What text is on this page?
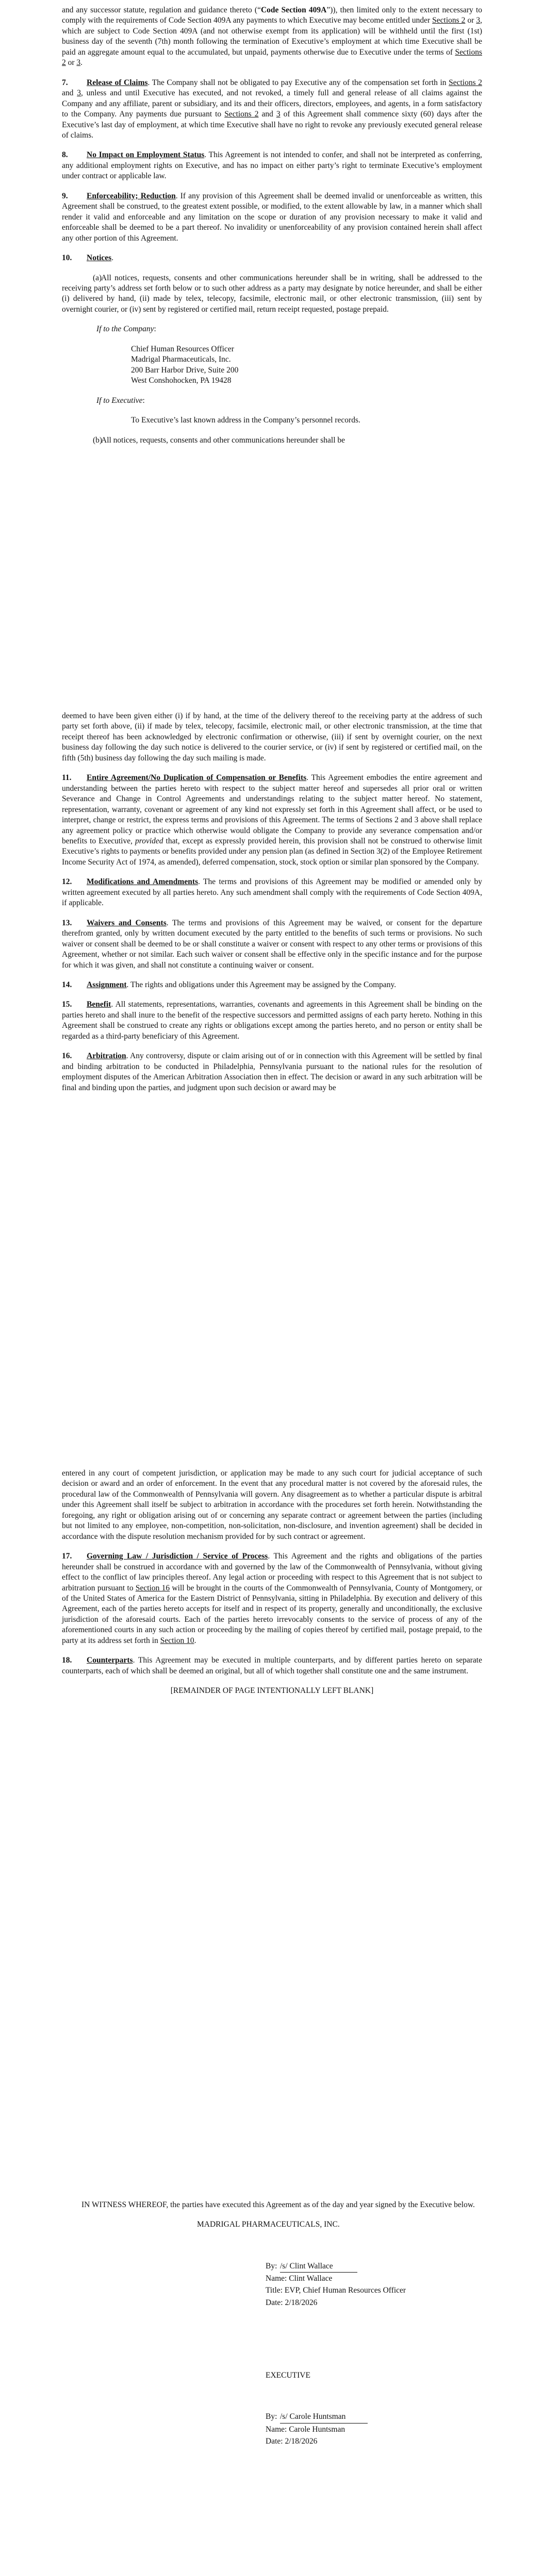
and any successor statute, regulation and guidance thereto (“Code Section 409A”)), then limited only to the extent necessary to comply with the requirements of Code Section 409A any payments to which Executive may become entitled under Sections 2 or 3, which are subject to Code Section 409A (and not otherwise exempt from its application) will be withheld until the first (1st) business day of the seventh (7th) month following the termination of Executive’s employment at which time Executive shall be paid an aggregate amount equal to the accumulated, but unpaid, payments otherwise due to Executive under the terms of Sections 2 or 3.

7. Release of Claims. The Company shall not be obligated to pay Executive any of the compensation set forth in Sections 2 and 3, unless and until Executive has executed, and not revoked, a timely full and general release of all claims against the Company and any affiliate, parent or subsidiary, and its and their officers, directors, employees, and agents, in a form satisfactory to the Company. Any payments due pursuant to Sections 2 and 3 of this Agreement shall commence sixty (60) days after the Executive’s last day of employment, at which time Executive shall have no right to revoke any previously executed general release of claims.

8. No Impact on Employment Status. This Agreement is not intended to confer, and shall not be interpreted as conferring, any additional employment rights on Executive, and has no impact on either party’s right to terminate Executive’s employment under contract or applicable law.

9. Enforceability; Reduction. If any provision of this Agreement shall be deemed invalid or unenforceable as written, this Agreement shall be construed, to the greatest extent possible, or modified, to the extent allowable by law, in a manner which shall render it valid and enforceable and any limitation on the scope or duration of any provision necessary to make it valid and enforceable shall be deemed to be a part thereof. No invalidity or unenforceability of any provision contained herein shall affect any other portion of this Agreement.

10. Notices.

(a)All notices, requests, consents and other communications hereunder shall be in writing, shall be addressed to the receiving party’s address set forth below or to such other address as a party may designate by notice hereunder, and shall be either (i) delivered by hand, (ii) made by telex, telecopy, facsimile, electronic mail, or other electronic transmission, (iii) sent by overnight courier, or (iv) sent by registered or certified mail, return receipt requested, postage prepaid.

If to the Company:

Chief Human Resources Officer
Madrigal Pharmaceuticals, Inc.
200 Barr Harbor Drive, Suite 200
West Conshohocken, PA 19428

If to Executive:

To Executive’s last known address in the Company’s personnel records.

(b)All notices, requests, consents and other communications hereunder shall be

deemed to have been given either (i) if by hand, at the time of the delivery thereof to the receiving party at the address of such party set forth above, (ii) if made by telex, telecopy, facsimile, electronic mail, or other electronic transmission, at the time that receipt thereof has been acknowledged by electronic confirmation or otherwise, (iii) if sent by overnight courier, on the next business day following the day such notice is delivered to the courier service, or (iv) if sent by registered or certified mail, on the fifth (5th) business day following the day such mailing is made.

11. Entire Agreement/No Duplication of Compensation or Benefits. This Agreement embodies the entire agreement and understanding between the parties hereto with respect to the subject matter hereof and supersedes all prior oral or written Severance and Change in Control Agreements and understandings relating to the subject matter hereof. No statement, representation, warranty, covenant or agreement of any kind not expressly set forth in this Agreement shall affect, or be used to interpret, change or restrict, the express terms and provisions of this Agreement. The terms of Sections 2 and 3 above shall replace any agreement policy or practice which otherwise would obligate the Company to provide any severance compensation and/or benefits to Executive, provided that, except as expressly provided herein, this provision shall not be construed to otherwise limit Executive’s rights to payments or benefits provided under any pension plan (as defined in Section 3(2) of the Employee Retirement Income Security Act of 1974, as amended), deferred compensation, stock, stock option or similar plan sponsored by the Company.

12. Modifications and Amendments. The terms and provisions of this Agreement may be modified or amended only by written agreement executed by all parties hereto. Any such amendment shall comply with the requirements of Code Section 409A, if applicable.

13. Waivers and Consents. The terms and provisions of this Agreement may be waived, or consent for the departure therefrom granted, only by written document executed by the party entitled to the benefits of such terms or provisions. No such waiver or consent shall be deemed to be or shall constitute a waiver or consent with respect to any other terms or provisions of this Agreement, whether or not similar. Each such waiver or consent shall be effective only in the specific instance and for the purpose for which it was given, and shall not constitute a continuing waiver or consent.

14. Assignment. The rights and obligations under this Agreement may be assigned by the Company.

15. Benefit. All statements, representations, warranties, covenants and agreements in this Agreement shall be binding on the parties hereto and shall inure to the benefit of the respective successors and permitted assigns of each party hereto. Nothing in this Agreement shall be construed to create any rights or obligations except among the parties hereto, and no person or entity shall be regarded as a third-party beneficiary of this Agreement.

16. Arbitration. Any controversy, dispute or claim arising out of or in connection with this Agreement will be settled by final and binding arbitration to be conducted in Philadelphia, Pennsylvania pursuant to the national rules for the resolution of employment disputes of the American Arbitration Association then in effect. The decision or award in any such arbitration will be final and binding upon the parties, and judgment upon such decision or award may be

entered in any court of competent jurisdiction, or application may be made to any such court for judicial acceptance of such decision or award and an order of enforcement. In the event that any procedural matter is not covered by the aforesaid rules, the procedural law of the Commonwealth of Pennsylvania will govern. Any disagreement as to whether a particular dispute is arbitral under this Agreement shall itself be subject to arbitration in accordance with the procedures set forth herein. Notwithstanding the foregoing, any right or obligation arising out of or concerning any separate contract or agreement between the parties (including but not limited to any employee, non-competition, non-solicitation, non-disclosure, and invention agreement) shall be decided in accordance with the dispute resolution mechanism provided for by such contract or agreement.

17. Governing Law / Jurisdiction / Service of Process. This Agreement and the rights and obligations of the parties hereunder shall be construed in accordance with and governed by the law of the Commonwealth of Pennsylvania, without giving effect to the conflict of law principles thereof. Any legal action or proceeding with respect to this Agreement that is not subject to arbitration pursuant to Section 16 will be brought in the courts of the Commonwealth of Pennsylvania, County of Montgomery, or of the United States of America for the Eastern District of Pennsylvania, sitting in Philadelphia. By execution and delivery of this Agreement, each of the parties hereto accepts for itself and in respect of its property, generally and unconditionally, the exclusive jurisdiction of the aforesaid courts. Each of the parties hereto irrevocably consents to the service of process of any of the aforementioned courts in any such action or proceeding by the mailing of copies thereof by certified mail, postage prepaid, to the party at its address set forth in Section 10.

18. Counterparts. This Agreement may be executed in multiple counterparts, and by different parties hereto on separate counterparts, each of which shall be deemed an original, but all of which together shall constitute one and the same instrument.

[REMAINDER OF PAGE INTENTIONALLY LEFT BLANK]

IN WITNESS WHEREOF, the parties have executed this Agreement as of the day and year signed by the Executive below.

MADRIGAL PHARMACEUTICALS, INC.
By: /s/ Clint Wallace
Name: Clint Wallace
Title: EVP, Chief Human Resources Officer
Date: 2/18/2026
EXECUTIVE
By: /s/ Carole Huntsman
Name: Carole Huntsman
Date: 2/18/2026
